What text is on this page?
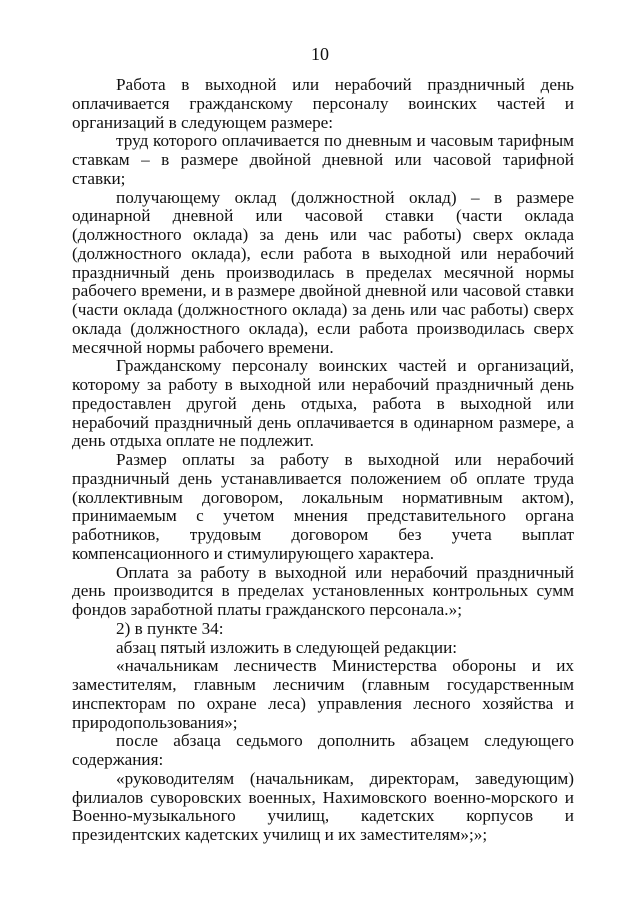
10

Работа в выходной или нерабочий праздничный день оплачивается гражданскому персоналу воинских частей и организаций в следующем размере:

труд которого оплачивается по дневным и часовым тарифным ставкам – в размере двойной дневной или часовой тарифной ставки;

получающему оклад (должностной оклад) – в размере одинарной дневной или часовой ставки (части оклада (должностного оклада) за день или час работы) сверх оклада (должностного оклада), если работа в выходной или нерабочий праздничный день производилась в пределах месячной нормы рабочего времени, и в размере двойной дневной или часовой ставки (части оклада (должностного оклада) за день или час работы) сверх оклада (должностного оклада), если работа производилась сверх месячной нормы рабочего времени.

Гражданскому персоналу воинских частей и организаций, которому за работу в выходной или нерабочий праздничный день предоставлен другой день отдыха, работа в выходной или нерабочий праздничный день оплачивается в одинарном размере, а день отдыха оплате не подлежит.

Размер оплаты за работу в выходной или нерабочий праздничный день устанавливается положением об оплате труда (коллективным договором, локальным нормативным актом), принимаемым с учетом мнения представительного органа работников, трудовым договором без учета выплат компенсационного и стимулирующего характера.

Оплата за работу в выходной или нерабочий праздничный день производится в пределах установленных контрольных сумм фондов заработной платы гражданского персонала.»;

2) в пункте 34:

абзац пятый изложить в следующей редакции:

«начальникам лесничеств Министерства обороны и их заместителям, главным лесничим (главным государственным инспекторам по охране леса) управления лесного хозяйства и природопользования»;

после абзаца седьмого дополнить абзацем следующего содержания:

«руководителям (начальникам, директорам, заведующим) филиалов суворовских военных, Нахимовского военно-морского и Военно-музыкального училищ, кадетских корпусов и президентских кадетских училищ и их заместителям»;»;
